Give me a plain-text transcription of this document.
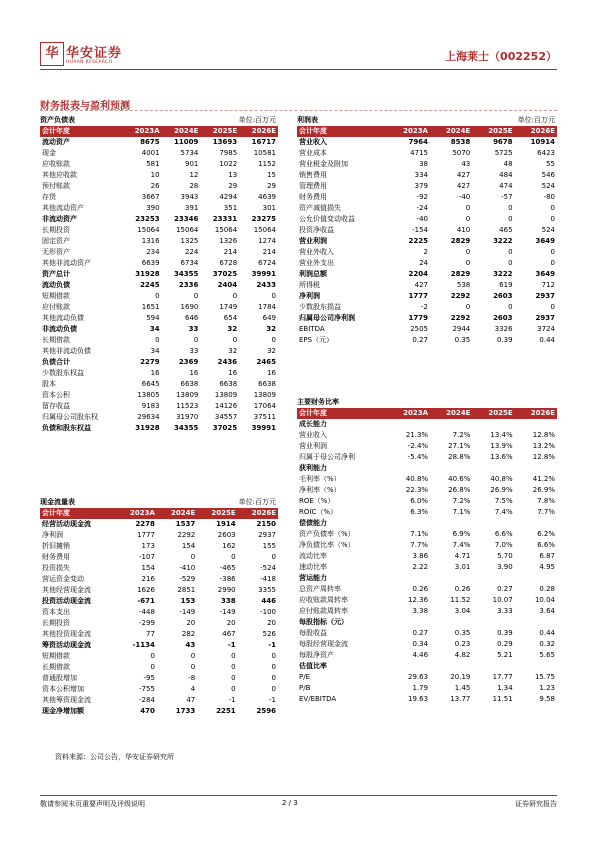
华 华安证券
HUAAN RESEARCH	上海莱士（002252）
财务报表与盈利预测
资产负债表	单位:百万元
会计年度	2023A	2024E	2025E	2026E
流动资产	8675	11009	13693	16717
现金	4001	5734	7985	10581
应收账款	581	901	1022	1152
其他应收款	10	12	13	15
预付账款	26	28	29	29
存货	3667	3943	4294	4639
其他流动资产	390	391	351	301
非流动资产	23253	23346	23331	23275
长期投资	15064	15064	15064	15064
固定资产	1316	1325	1326	1274
无形资产	234	224	214	214
其他非流动资产	6639	6734	6728	6724
资产总计	31928	34355	37025	39991
流动负债	2245	2336	2404	2433
短期借款	0	0	0	0
应付账款	1651	1690	1749	1784
其他流动负债	594	646	654	649
非流动负债	34	33	32	32
长期借款	0	0	0	0
其他非流动负债	34	33	32	32
负债合计	2279	2369	2436	2465
少数股东权益	16	16	16	16
股本	6645	6638	6638	6638
资本公积	13805	13809	13809	13809
留存收益	9183	11523	14126	17064
归属母公司股东权	29634	31970	34557	37511
负债和股东权益	31928	34355	37025	39991
利润表	单位:百万元
会计年度	2023A	2024E	2025E	2026E
营业收入	7964	8538	9678	10914
营业成本	4715	5070	5725	6423
营业税金及附加	38	43	48	55
销售费用	334	427	484	546
管理费用	379	427	474	524
财务费用	-92	-40	-57	-80
资产减值损失	-24	0	0	0
公允价值变动收益	-40	0	0	0
投资净收益	-154	410	465	524
营业利润	2225	2829	3222	3649
营业外收入	2	0	0	0
营业外支出	24	0	0	0
利润总额	2204	2829	3222	3649
所得税	427	538	619	712
净利润	1777	2292	2603	2937
少数股东损益	-2	0	0	0
归属母公司净利润	1779	2292	2603	2937
EBITDA	2505	2944	3326	3724
EPS（元）	0.27	0.35	0.39	0.44
主要财务比率
会计年度	2023A	2024E	2025E	2026E
成长能力				
营业收入	21.3%	7.2%	13.4%	12.8%
营业利润	-2.4%	27.1%	13.9%	13.2%
归属于母公司净利	-5.4%	28.8%	13.6%	12.8%
获利能力				
毛利率（%）	40.8%	40.6%	40.8%	41.2%
净利率（%）	22.3%	26.8%	26.9%	26.9%
ROE（%）	6.0%	7.2%	7.5%	7.8%
ROIC（%）	6.3%	7.1%	7.4%	7.7%
偿债能力				
资产负债率（%）	7.1%	6.9%	6.6%	6.2%
净负债比率（%）	7.7%	7.4%	7.0%	6.6%
流动比率	3.86	4.71	5.70	6.87
速动比率	2.22	3.01	3.90	4.95
营运能力				
总资产周转率	0.26	0.26	0.27	0.28
应收账款周转率	12.36	11.52	10.07	10.04
应付账款周转率	3.38	3.04	3.33	3.64
每股指标（元）				
每股收益	0.27	0.35	0.39	0.44
每股经营现金流	0.34	0.23	0.29	0.32
每股净资产	4.46	4.82	5.21	5.65
估值比率				
P/E	29.63	20.19	17.77	15.75
P/B	1.79	1.45	1.34	1.23
EV/EBITDA	19.63	13.77	11.51	9.58
现金流量表	单位:百万元
会计年度	2023A	2024E	2025E	2026E
经营活动现金流	2278	1537	1914	2150
净利润	1777	2292	2603	2937
折旧摊销	173	154	162	155
财务费用	-107	0	0	0
投资损失	154	-410	-465	-524
营运资金变动	216	-529	-386	-418
其他经营现金流	1626	2851	2990	3355
投资活动现金流	-671	153	338	446
资本支出	-448	-149	-149	-100
长期投资	-299	20	20	20
其他投资现金流	77	282	467	526
筹资活动现金流	-1134	43	-1	-1
短期借款	0	0	0	0
长期借款	0	0	0	0
普通股增加	-95	-8	0	0
资本公积增加	-755	4	0	0
其他筹资现金流	-284	47	-1	-1
现金净增加额	470	1733	2251	2596
资料来源：公司公告，华安证券研究所
敬请参阅末页重要声明及评级说明	2 / 3	证券研究报告
